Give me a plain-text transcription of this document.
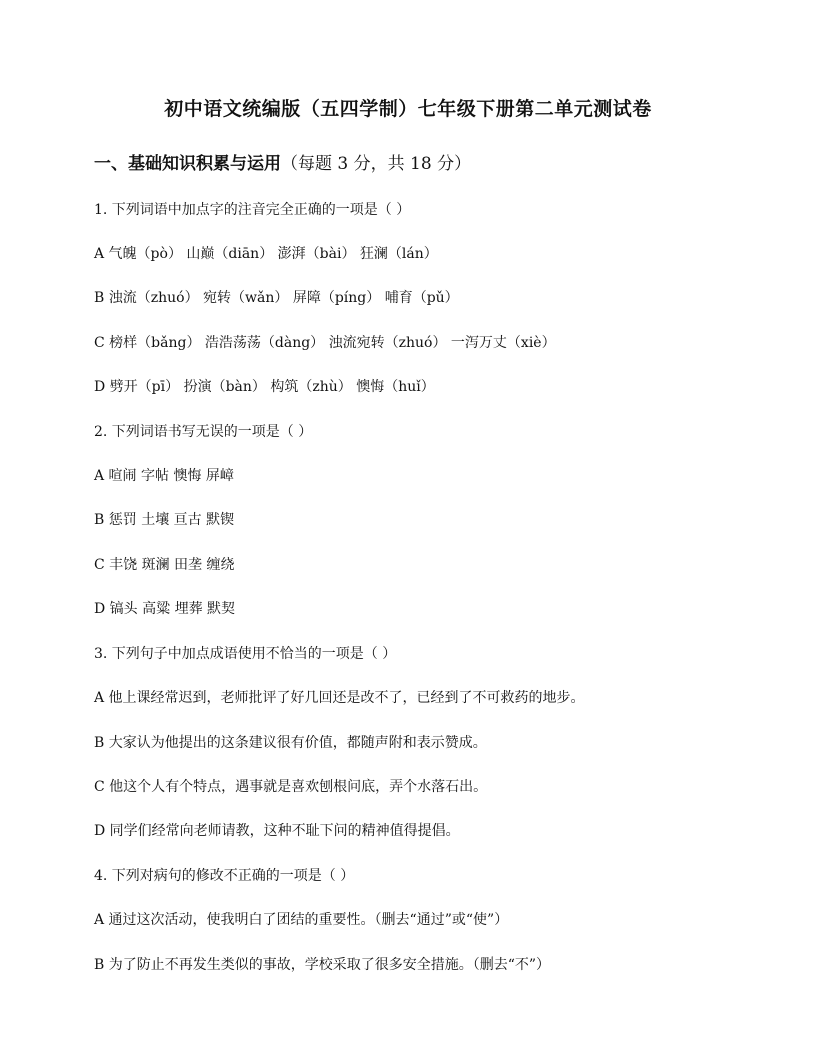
初中语文统编版（五四学制）七年级下册第二单元测试卷
一、基础知识积累与运用（每题 3 分，共 18 分）
1. 下列词语中加点字的注音完全正确的一项是（ ）
A 气魄（pò） 山巅（diān） 澎湃（bài） 狂澜（lán）
B 浊流（zhuó） 宛转（wǎn） 屏障（píng） 哺育（pǔ）
C 榜样（bǎng） 浩浩荡荡（dàng） 浊流宛转（zhuó） 一泻万丈（xiè）
D 劈开（pī） 扮演（bàn） 构筑（zhù） 懊悔（huǐ）
2. 下列词语书写无误的一项是（ ）
A 喧闹 字帖 懊悔 屏嶂
B 惩罚 土壤 亘古 默锲
C 丰饶 斑澜 田垄 缠绕
D 镐头 高粱 埋葬 默契
3. 下列句子中加点成语使用不恰当的一项是（ ）
A 他上课经常迟到，老师批评了好几回还是改不了，已经到了不可救药的地步。
B 大家认为他提出的这条建议很有价值，都随声附和表示赞成。
C 他这个人有个特点，遇事就是喜欢刨根问底，弄个水落石出。
D 同学们经常向老师请教，这种不耻下问的精神值得提倡。
4. 下列对病句的修改不正确的一项是（ ）
A 通过这次活动，使我明白了团结的重要性。（删去“通过”或“使”）
B 为了防止不再发生类似的事故，学校采取了很多安全措施。（删去“不”）
